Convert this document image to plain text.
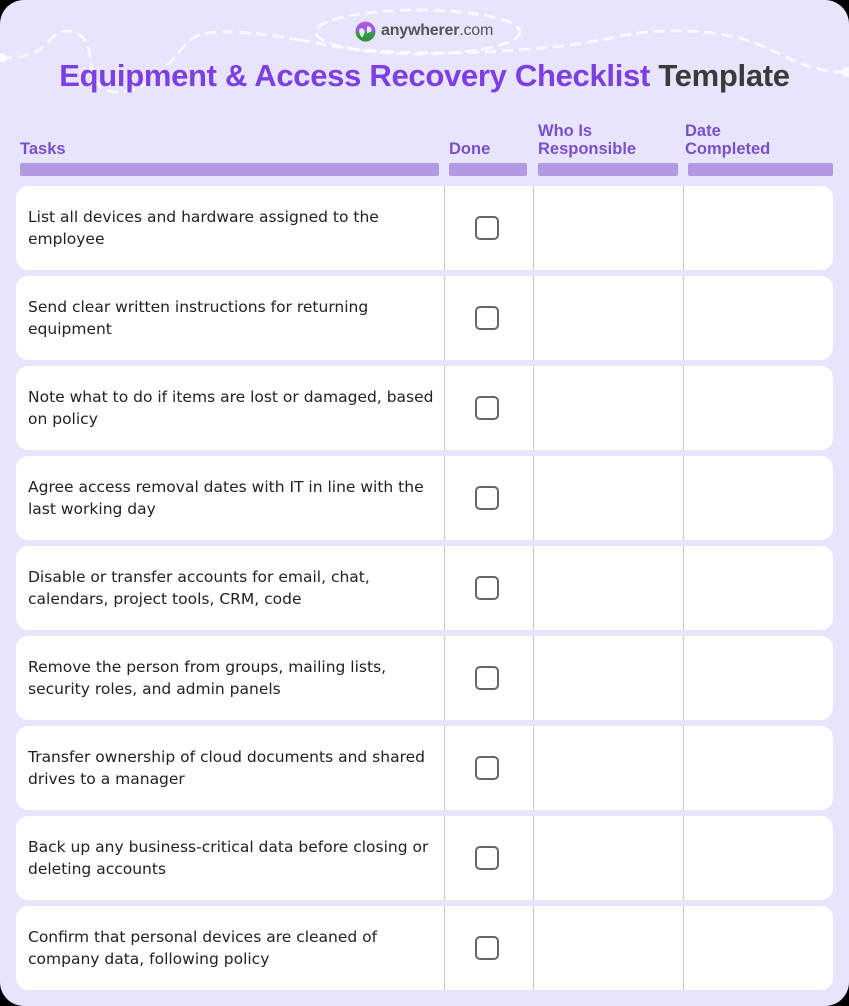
anywherer.com
Equipment & Access Recovery Checklist Template
Tasks	Done
Who Is
Responsible
Date
Completed
List all devices and hardware assigned to the employee
Send clear written instructions for returning equipment
Note what to do if items are lost or damaged, based on policy
Agree access removal dates with IT in line with the last working day
Disable or transfer accounts for email, chat, calendars, project tools, CRM, code
Remove the person from groups, mailing lists, security roles, and admin panels
Transfer ownership of cloud documents and shared drives to a manager
Back up any business-critical data before closing or deleting accounts
Confirm that personal devices are cleaned of company data, following policy
